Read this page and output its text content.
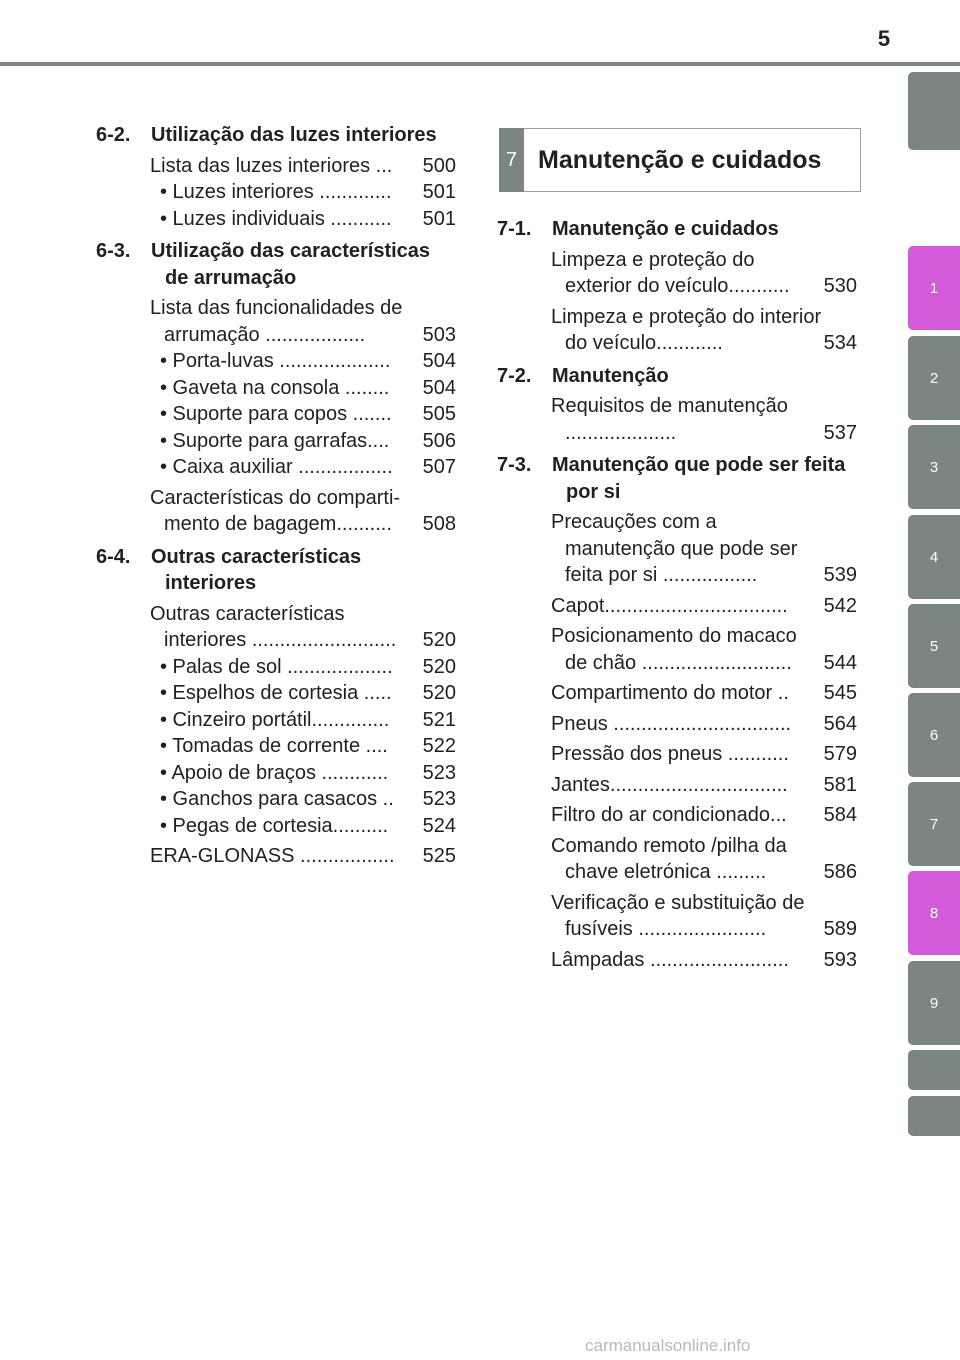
5
1
2
3
4
5
6
7
8
9
7 Manutenção e cuidados
6-2.	Utilização das luzes interiores
Lista das luzes interiores ...	500
• Luzes interiores .............	501
• Luzes individuais ...........	501
6-3.	Utilização das características de arrumação
Lista das funcionalidades de arrumação ..................	503
• Porta-luvas ....................	504
• Gaveta na consola ........	504
• Suporte para copos .......	505
• Suporte para garrafas....	506
• Caixa auxiliar .................	507
Características do comparti- mento de bagagem..........	508
6-4.	Outras características interiores
Outras características interiores ..........................	520
• Palas de sol ...................	520
• Espelhos de cortesia .....	520
• Cinzeiro portátil..............	521
• Tomadas de corrente ....	522
• Apoio de braços ............	523
• Ganchos para casacos ..	523
• Pegas de cortesia..........	524
ERA-GLONASS .................	525
7-1.	Manutenção e cuidados
Limpeza e proteção do exterior do veículo...........	530
Limpeza e proteção do interior do veículo............	534
7-2.	Manutenção
Requisitos de manutenção ....................	537
7-3.	Manutenção que pode ser feita por si
Precauções com a manutenção que pode ser feita por si .................	539
Capot.................................	542
Posicionamento do macaco de chão ...........................	544
Compartimento do motor ..	545
Pneus ................................	564
Pressão dos pneus ...........	579
Jantes................................	581
Filtro do ar condicionado...	584
Comando remoto /pilha da chave eletrónica .........	586
Verificação e substituição de fusíveis .......................	589
Lâmpadas .........................	593
carmanualsonline.info
